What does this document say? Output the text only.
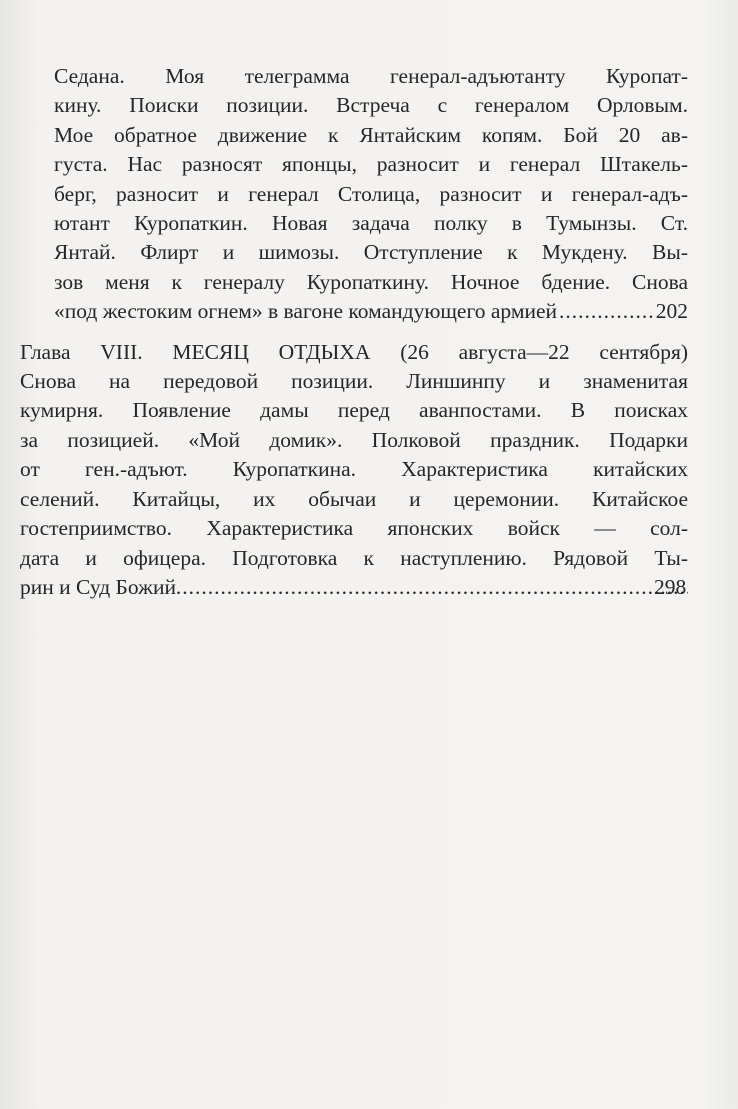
Седана. Моя телеграмма генерал-адъютанту Куропат-
кину. Поиски позиции. Встреча с генералом Орловым.
Мое обратное движение к Янтайским копям. Бой 20 ав-
густа. Нас разносят японцы, разносит и генерал Штакель-
берг, разносит и генерал Столица, разносит и генерал-адъ-
ютант Куропаткин. Новая задача полку в Тумынзы. Ст.
Янтай. Флирт и шимозы. Отступление к Мукдену. Вы-
зов меня к генералу Куропаткину. Ночное бдение. Снова
«под жестоким огнем» в вагоне командующего армией .....	202
Глава VIII. МЕСЯЦ ОТДЫХА (26 августа—22 сентября)
Снова на передовой позиции. Линшинпу и знаменитая
кумирня. Появление дамы перед аванпостами. В поисках
за позицией. «Мой домик». Полковой праздник. Подарки
от ген.-адъют. Куропаткина. Характеристика китайских
селений. Китайцы, их обычаи и церемонии. Китайское
гостеприимство. Характеристика японских войск — сол-
дата и офицера. Подготовка к наступлению. Рядовой Ты-
рин и Суд Божий .....	298
